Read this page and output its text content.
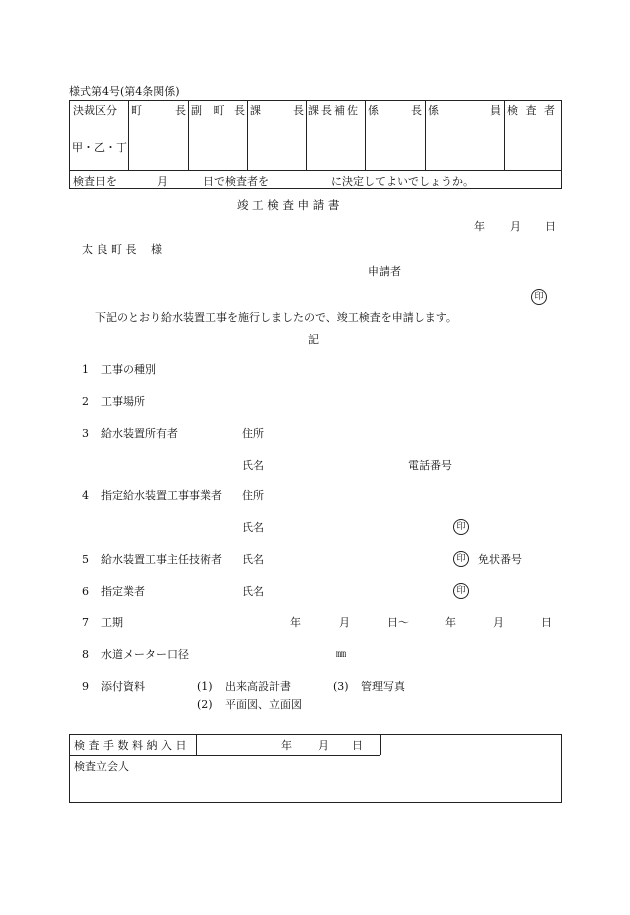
様式第4号(第4条関係)
決裁区分
甲・乙・丁
町	長 副 町 長 課	長 課長補佐 係	長 係	員 検 査 者
検査日を	月	日で検査者を	に決定してよいでしょうか。
竣 工 検 査 申 請 書
年 月 日
太 良 町 長 　様
申請者
印
下記のとおり給水装置工事を施行しましたので、竣工検査を申請します。
記
1 工事の種別
2 工事場所
3 給水装置所有者	住所
氏名	電話番号
4 指定給水装置工事事業者 住所
氏名	印
5 給水装置工事主任技術者 氏名	印	免状番号
6 指定業者	氏名	印
7 工期	年	月	日～	年	月	日
8 水道メーター口径	㎜
9 添付資料	(1) 出来高設計書	(3) 管理写真
(2) 平面図、立面図
検 査 手 数 料 納 入 日	年 月 日
検査立会人
